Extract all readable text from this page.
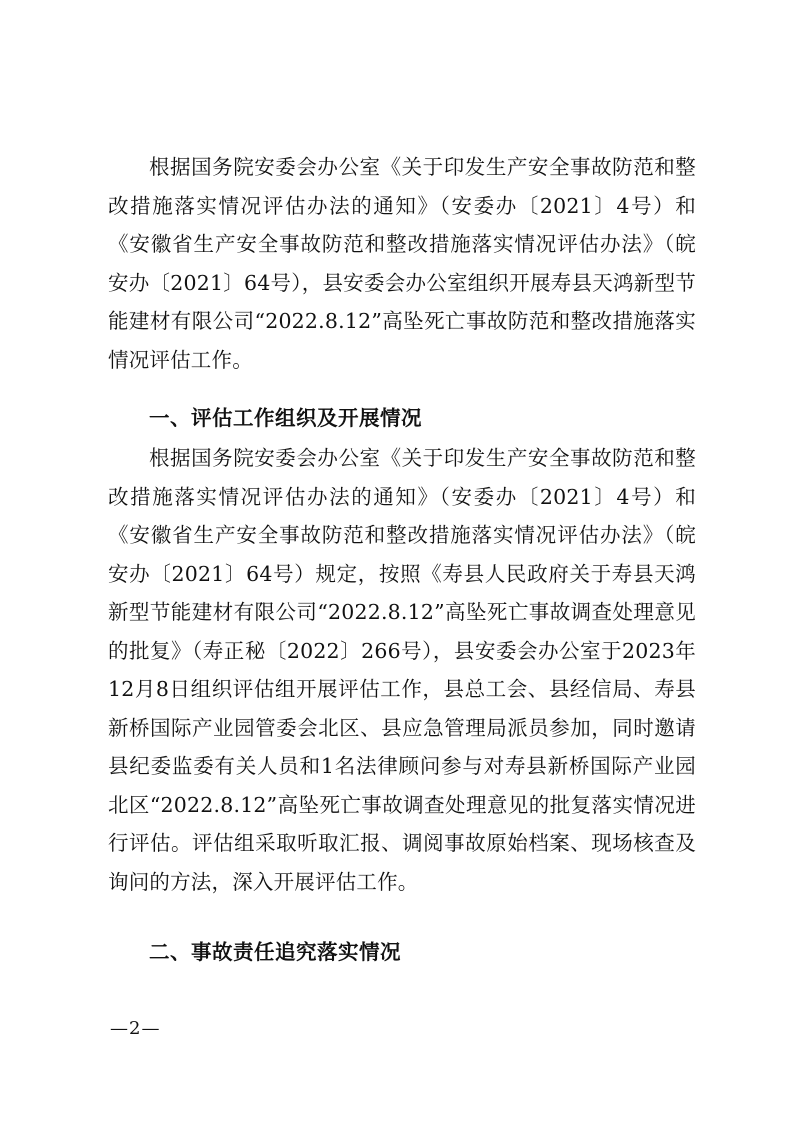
根据国务院安委会办公室《关于印发生产安全事故防范和整改措施落实情况评估办法的通知》（安委办〔2021〕4号）和《安徽省生产安全事故防范和整改措施落实情况评估办法》（皖安办〔2021〕64号），县安委会办公室组织开展寿县天鸿新型节能建材有限公司“2022.8.12”高坠死亡事故防范和整改措施落实情况评估工作。

一、评估工作组织及开展情况

根据国务院安委会办公室《关于印发生产安全事故防范和整改措施落实情况评估办法的通知》（安委办〔2021〕4号）和《安徽省生产安全事故防范和整改措施落实情况评估办法》（皖安办〔2021〕64号）规定，按照《寿县人民政府关于寿县天鸿新型节能建材有限公司“2022.8.12”高坠死亡事故调查处理意见的批复》（寿正秘〔2022〕266号），县安委会办公室于2023年12月8日组织评估组开展评估工作，县总工会、县经信局、寿县新桥国际产业园管委会北区、县应急管理局派员参加，同时邀请县纪委监委有关人员和1名法律顾问参与对寿县新桥国际产业园北区“2022.8.12”高坠死亡事故调查处理意见的批复落实情况进行评估。评估组采取听取汇报、调阅事故原始档案、现场核查及询问的方法，深入开展评估工作。

二、事故责任追究落实情况
—2—
